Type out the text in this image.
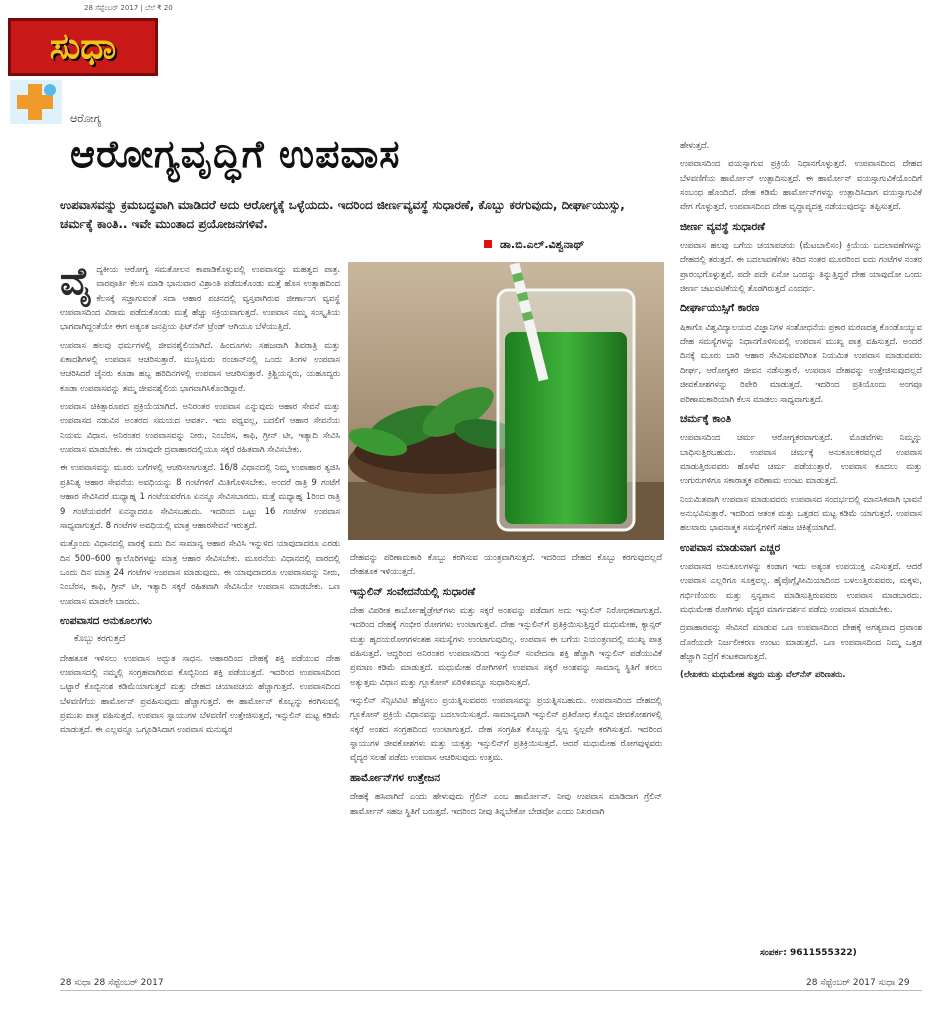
ಸುಧಾ
28 ಸೆಪ್ಟೆಂಬರ್ 2017 | ಬೆಲೆ ₹ 20
ಆರೋಗ್ಯ
ಆರೋಗ್ಯವೃದ್ಧಿಗೆ ಉಪವಾಸ
ಉಪವಾಸವನ್ನು ಕ್ರಮಬದ್ಧವಾಗಿ ಮಾಡಿದರೆ ಅದು ಆರೋಗ್ಯಕ್ಕೆ ಒಳ್ಳೆಯದು. ಇದರಿಂದ ಜೀರ್ಣವ್ಯವಸ್ಥೆ ಸುಧಾರಣೆ, ಕೊಬ್ಬು ಕರಗುವುದು, ದೀರ್ಘಾಯುಸ್ಸು, ಚರ್ಮಕ್ಕೆ ಕಾಂತಿ.. ಇವೇ ಮುಂತಾದ ಪ್ರಯೋಜನಗಳಿವೆ.
ಡಾ.ಬಿ.ಎಲ್.ವಿಶ್ವನಾಥ್

ವೈದ್ಯಕೀಯ ಆರೋಗ್ಯ ಸಮತೋಲನ ಕಾಪಾಡಿಕೊಳ್ಳುವಲ್ಲಿ ಉಪವಾಸದ್ದು ಮಹತ್ವದ ಪಾತ್ರ. ವಾರಪೂರ್ತಿ ಕೆಲಸ ಮಾಡಿ ಭಾನುವಾರ ವಿಶ್ರಾಂತಿ ಪಡೆದುಕೊಂಡು ಮತ್ತೆ ಹೊಸ ಉತ್ಸಾಹದಿಂದ ಕೆಲಸಕ್ಕೆ ಸಜ್ಜಾಗುವಂತೆ ಸದಾ ಆಹಾರ ಪಚನದಲ್ಲಿ ವ್ಯಸ್ತವಾಗಿರುವ ಜೀರ್ಣಾಂಗ ವ್ಯವಸ್ಥೆ ಉಪವಾಸದಿಂದ ವಿರಾಮ ಪಡೆದುಕೊಂಡು ಮತ್ತೆ ಹೆಚ್ಚು ಸಕ್ರಿಯವಾಗುತ್ತದೆ. ಉಪವಾಸ ನಮ್ಮ ಸಂಸ್ಕೃತಿಯ ಭಾಗವಾಗಿದ್ದಂತೆಯೇ ಈಗ ಅತ್ಯಂತ ಜನಪ್ರಿಯ ಫಿಟ್‌ನೆಸ್ ಟ್ರೆಂಡ್ ಆಗಿಯೂ ಬೆಳೆಯುತ್ತಿದೆ.

ಉಪವಾಸ ಹಲವು ಧರ್ಮಗಳಲ್ಲಿ ಜೀವನಶೈಲಿಯಾಗಿದೆ. ಹಿಂದೂಗಳು ಸಹಜವಾಗಿ ಶಿವರಾತ್ರಿ ಮತ್ತು ಏಕಾದಶಿಗಳಲ್ಲಿ ಉಪವಾಸ ಆಚರಿಸುತ್ತಾರೆ. ಮುಸ್ಲಿಮರು ರಂಜಾನ್‌ನಲ್ಲಿ ಒಂದು ತಿಂಗಳ ಉಪವಾಸ ಆಚರಿಸಿದರೆ ಜೈನರು ಕೂಡಾ ಹಬ್ಬ ಹರಿದಿನಗಳಲ್ಲಿ ಉಪವಾಸ ಆಚರಿಸುತ್ತಾರೆ. ಕ್ರಿಶ್ಚಿಯನ್ನರು, ಯಹೂದ್ಯರು ಕೂಡಾ ಉಪವಾಸವನ್ನು ತಮ್ಮ ಜೀವನಶೈಲಿಯ ಭಾಗವಾಗಿಸಿಕೊಂಡಿದ್ದಾರೆ.

ಉಪವಾಸ ಚಿಕಿತ್ಸಾರೂಪದ ಪ್ರಕ್ರಿಯೆಯಾಗಿದೆ. ಅನಿರಂತರ ಉಪವಾಸ ಎನ್ನುವುದು ಆಹಾರ ಸೇವನೆ ಮತ್ತು ಉಪವಾಸದ ನಡುವಿನ ಅಂತರದ ಸಮಯದ ಆವರ್ತ. ಇದು ಪಥ್ಯವಲ್ಲ, ಬದಲಿಗೆ ಆಹಾರ ಸೇವನೆಯ ನಿಯಮ ವಿಧಾನ. ಅನಿರಂತರ ಉಪವಾಸವನ್ನು ನೀರು, ನಿಂಬೆರಸ, ಕಾಫಿ, ಗ್ರೀನ್ ಟೀ, ಇತ್ಯಾದಿ ಸೇವಿಸಿ ಉಪವಾಸ ಮಾಡಬೇಕು. ಈ ಯಾವುದೇ ದ್ರವಾಹಾರದಲ್ಲಿಯೂ ಸಕ್ಕರೆ ರಹಿತವಾಗಿ ಸೇವಿಸಬೇಕು.

ಈ ಉಪವಾಸವನ್ನು ಮೂರು ಬಗೆಗಳಲ್ಲಿ ಆಚರಿಸಲಾಗುತ್ತದೆ. 16/8 ವಿಧಾನದಲ್ಲಿ ನಿಮ್ಮ ಉಪಾಹಾರ ತ್ಯಜಿಸಿ ಪ್ರತಿನಿತ್ಯ ಆಹಾರ ಸೇವನೆಯ ಅವಧಿಯನ್ನು 8 ಗಂಟೆಗಳಿಗೆ ಮಿತಿಗೊಳಿಸಬೇಕು. ಅಂದರೆ ರಾತ್ರಿ 9 ಗಂಟೆಗೆ ಆಹಾರ ಸೇವಿಸಿದರೆ ಮಧ್ಯಾಹ್ನ 1 ಗಂಟೆಯವರೆಗೂ ಏನನ್ನೂ ಸೇವಿಸಬಾರದು. ಮತ್ತೆ ಮಧ್ಯಾಹ್ನ 1ರಿಂದ ರಾತ್ರಿ 9 ಗಂಟೆಯವರೆಗೆ ಏನನ್ನಾದರೂ ಸೇವಿಸಬಹುದು. ಇದರಿಂದ ಒಟ್ಟು 16 ಗಂಟೆಗಳ ಉಪವಾಸ ಸಾಧ್ಯವಾಗುತ್ತದೆ. 8 ಗಂಟೆಗಳ ಅವಧಿಯಲ್ಲಿ ಮಾತ್ರ ಆಹಾರಸೇವನೆ ಇರುತ್ತದೆ.

ಮತ್ತೊಂದು ವಿಧಾನದಲ್ಲಿ ವಾರಕ್ಕೆ ಐದು ದಿನ ಸಾಮಾನ್ಯ ಆಹಾರ ಸೇವಿಸಿ ಇನ್ನುಳಿದ ಯಾವುದಾದರೂ ಎರಡು ದಿನ 500–600 ಕ್ಯಾಲೊರಿಗಳಷ್ಟು ಮಾತ್ರ ಆಹಾರ ಸೇವಿಸಬೇಕು. ಮೂರನೆಯ ವಿಧಾನದಲ್ಲಿ ವಾರದಲ್ಲಿ ಒಂದು ದಿನ ಮಾತ್ರ 24 ಗಂಟೆಗಳ ಉಪವಾಸ ಮಾಡುವುದು. ಈ ಯಾವುದಾದರೂ ಉಪವಾಸವನ್ನು ನೀರು, ನಿಂಬೆರಸ, ಕಾಫಿ, ಗ್ರೀನ್ ಟೀ, ಇತ್ಯಾದಿ ಸಕ್ಕರೆ ರಹಿತವಾಗಿ ಸೇವಿಸಿಯೇ ಉಪವಾಸ ಮಾಡಬೇಕು. ಒಣ ಉಪವಾಸ ಮಾಡಲೇ ಬಾರದು.

ಉಪವಾಸದ ಅನುಕೂಲಗಳು

ಕೊಬ್ಬು ಕರಗುತ್ತದೆ

ದೇಹತೂಕ ಇಳಿಸಲು ಉಪವಾಸ ಅದ್ಭುತ ಸಾಧನ. ಆಹಾರದಿಂದ ದೇಹಕ್ಕೆ ಶಕ್ತಿ ಪಡೆಯುವ ದೇಹ ಉಪವಾಸದಲ್ಲಿ ನಮ್ಮಲ್ಲಿ ಸಂಗ್ರಹವಾಗಿರುವ ಕೊಬ್ಬಿನಿಂದ ಶಕ್ತಿ ಪಡೆಯುತ್ತದೆ. ಇದರಿಂದ ಉಪವಾಸದಿಂದ ಒಟ್ಟಾರೆ ಕೊಬ್ಬಿನಂಶ ಕಡಿಮೆಯಾಗುತ್ತದೆ ಮತ್ತು ದೇಹದ ಚಯಾಪಚಯ ಹೆಚ್ಚಾಗುತ್ತದೆ. ಉಪವಾಸದಿಂದ ಬೆಳವಣಿಗೆಯ ಹಾರ್ಮೋನ್ ಪ್ರವಹಿಸುವುದು ಹೆಚ್ಚಾಗುತ್ತದೆ. ಈ ಹಾರ್ಮೋನ್ ಕೊಬ್ಬನ್ನು ಕರಗಿಸುವಲ್ಲಿ ಪ್ರಮುಖ ಪಾತ್ರ ವಹಿಸುತ್ತದೆ. ಉಪವಾಸ ಸ್ನಾಯುಗಳ ಬೆಳವಣಿಗೆ ಉತ್ತೇಜಿಸುತ್ತದೆ, ಇನ್ಸುಲಿನ್ ಮಟ್ಟ ಕಡಿಮೆ ಮಾಡುತ್ತದೆ. ಈ ಎಲ್ಲವನ್ನೂ ಒಗ್ಗೂಡಿಸಿದಾಗ ಉಪವಾಸ ಮನುಷ್ಯರ

ದೇಹವನ್ನು ಪರಿಣಾಮಕಾರಿ ಕೊಬ್ಬು ಕರಗಿಸುವ ಯಂತ್ರವಾಗಿಸುತ್ತದೆ. ಇದರಿಂದ ದೇಹದ ಕೊಬ್ಬು ಕರಗುವುದಲ್ಲದೆ ದೇಹತೂಕ ಇಳಿಯುತ್ತದೆ.

ಇನ್ಸುಲಿನ್ ಸಂವೇದನೆಯಲ್ಲಿ ಸುಧಾರಣೆ

ದೇಹ ವಿಪರೀತ ಕಾರ್ಬೋಹೈಡ್ರೇಟ್‌ಗಳು ಮತ್ತು ಸಕ್ಕರೆ ಅಂಶವನ್ನು ಪಡೆದಾಗ ಅದು ಇನ್ಸುಲಿನ್ ನಿರೋಧಕವಾಗುತ್ತದೆ. ಇದರಿಂದ ದೇಹಕ್ಕೆ ಗಂಭೀರ ರೋಗಗಳು ಉಂಟಾಗುತ್ತವೆ. ದೇಹ ಇನ್ಸುಲಿನ್‌ಗೆ ಪ್ರತಿಕ್ರಿಯಿಸುತ್ತಿದ್ದರೆ ಮಧುಮೇಹ, ಕ್ಯಾನ್ಸರ್ ಮತ್ತು ಹೃದಯರೋಗಗಳಂತಹ ಸಮಸ್ಯೆಗಳು ಉಂಟಾಗುವುದಿಲ್ಲ. ಉಪವಾಸ ಈ ಬಗೆಯ ನಿಯಂತ್ರಣದಲ್ಲಿ ಮುಖ್ಯ ಪಾತ್ರ ವಹಿಸುತ್ತದೆ. ಆದ್ದರಿಂದ ಅನಿರಂತರ ಉಪವಾಸದಿಂದ ಇನ್ಸುಲಿನ್ ಸಂವೇದನಾ ಶಕ್ತಿ ಹೆಚ್ಚಾಗಿ ಇನ್ಸುಲಿನ್ ಪಡೆಯುವಿಕೆ ಪ್ರಮಾಣ ಕಡಿಮೆ ಮಾಡುತ್ತದೆ. ಮಧುಮೇಹ ರೋಗಿಗಳಿಗೆ ಉಪವಾಸ ಸಕ್ಕರೆ ಅಂಶವನ್ನು ಸಾಮಾನ್ಯ ಸ್ಥಿತಿಗೆ ತರಲು ಅತ್ಯುತ್ತಮ ವಿಧಾನ ಮತ್ತು ಗ್ಲೂಕೋಸ್ ಏರಿಳಿತವನ್ನೂ ಸುಧಾರಿಸುತ್ತದೆ.

ಇನ್ಸುಲಿನ್ ಸೆನ್ಸಿಟಿವಿಟಿ ಹೆಚ್ಚಿಸಲು ಪ್ರಯತ್ನಿಸುವವರು ಉಪವಾಸವನ್ನು ಪ್ರಯತ್ನಿಸಬಹುದು. ಉಪವಾಸದಿಂದ ದೇಹದಲ್ಲಿ ಗ್ಲೂಕೋಸ್ ಪ್ರಕ್ರಿಯೆ ವಿಧಾನವನ್ನು ಬದಲಾಯಿಸುತ್ತದೆ. ಸಾಮಾನ್ಯವಾಗಿ ಇನ್ಸುಲಿನ್ ಪ್ರತಿರೋಧ ಕೊಬ್ಬಿನ ಜೀವಕೋಶಗಳಲ್ಲಿ ಸಕ್ಕರೆ ಅಂಶದ ಸಂಗ್ರಹದಿಂದ ಉಂಟಾಗುತ್ತದೆ. ದೇಹ ಸಂಗ್ರಹಿತ ಕೊಬ್ಬನ್ನು ಸ್ವಲ್ಪ ಸ್ವಲ್ಪವೇ ಕರಗಿಸುತ್ತದೆ. ಇದರಿಂದ ಸ್ನಾಯುಗಳ ಜೀವಕೋಶಗಳು ಮತ್ತು ಯಕೃತ್ತು ಇನ್ಸುಲಿನ್‌ಗೆ ಪ್ರತಿಕ್ರಿಯಿಸುತ್ತದೆ. ಆದರೆ ಮಧುಮೇಹ ರೋಗವುಳ್ಳವರು ವೈದ್ಯರ ಸಲಹೆ ಪಡೆದು ಉಪವಾಸ ಆಚರಿಸುವುದು ಉತ್ತಮ.

ಹಾರ್ಮೋನ್‌ಗಳ ಉತ್ತೇಜನ

ದೇಹಕ್ಕೆ ಹಸಿವಾಗಿದೆ ಎಂದು ಹೇಳುವುದು ಗ್ರೆಲಿನ್ ಎಂಬ ಹಾರ್ಮೋನ್. ನೀವು ಉಪವಾಸ ಮಾಡಿದಾಗ ಗ್ರೆಲಿನ್ ಹಾರ್ಮೋನ್ ಸಹಜ ಸ್ಥಿತಿಗೆ ಬರುತ್ತದೆ. ಇದರಿಂದ ನೀವು ತಿನ್ನಬೇಕೋ ಬೇಡವೋ ಎಂದು ನಿಖರವಾಗಿ

ಹೇಳುತ್ತದೆ.

ಉಪವಾಸದಿಂದ ವಯಸ್ಸಾಗುವ ಪ್ರಕ್ರಿಯೆ ನಿಧಾನಗೊಳ್ಳುತ್ತದೆ. ಉಪವಾಸದಿಂದ ದೇಹದ ಬೆಳವಣಿಗೆಯ ಹಾರ್ಮೋನ್ ಉತ್ಪಾದಿಸುತ್ತದೆ. ಈ ಹಾರ್ಮೋನ್ ವಯಸ್ಸಾಗುವಿಕೆಯೊಂದಿಗೆ ಸಂಬಂಧ ಹೊಂದಿದೆ. ದೇಹ ಕಡಿಮೆ ಹಾರ್ಮೋನ್‌ಗಳನ್ನು ಉತ್ಪಾದಿಸಿದಾಗ ವಯಸ್ಸಾಗುವಿಕೆ ವೇಗ ಗೊಳ್ಳುತ್ತದೆ. ಉಪವಾಸದಿಂದ ದೇಹ ವೃದ್ಧಾಪ್ಯದತ್ತ ನಡೆಯುವುದನ್ನು ತಪ್ಪಿಸುತ್ತದೆ.

ಜೀರ್ಣ ವ್ಯವಸ್ಥೆ ಸುಧಾರಣೆ

ಉಪವಾಸ ಹಲವು ಬಗೆಯ ಚಯಾಪಚಯ (ಮೆಟಬಾಲಿಸಂ) ಕ್ರಿಯೆಯ ಬದಲಾವಣೆಗಳನ್ನು ದೇಹದಲ್ಲಿ ತರುತ್ತದೆ. ಈ ಬದಲಾವಣೆಗಳು ಕಿರಿದ ನಂತರ ಮೂರರಿಂದ ಐದು ಗಂಟೆಗಳ ನಂತರ ಪ್ರಾರಂಭಗೊಳ್ಳುತ್ತವೆ. ಪದೇ ಪದೇ ಏನೋ ಒಂದನ್ನು ತಿನ್ನುತ್ತಿದ್ದರೆ ದೇಹ ಯಾವುದೋ ಒಂದು ಜೀರ್ಣ ಚಟುವಟಿಕೆಯಲ್ಲಿ ತೊಡಗಿರುತ್ತದೆ ಎಂದರ್ಥ.

ದೀರ್ಘಾಯುಸ್ಸಿಗೆ ಕಾರಣ

ಷಿಕಾಗೊ ವಿಶ್ವವಿದ್ಯಾಲಯದ ವಿಜ್ಞಾನಿಗಳ ಸಂಶೋಧನೆಯ ಪ್ರಕಾರ ಮರಣದತ್ತ ಕೊಂಡೊಯ್ಯುವ ದೇಹ ಸಮಸ್ಯೆಗಳನ್ನು ನಿಧಾನಗೊಳಿಸುವಲ್ಲಿ ಉಪವಾಸ ಮುಖ್ಯ ಪಾತ್ರ ವಹಿಸುತ್ತದೆ. ಅಂದರೆ ದಿನಕ್ಕೆ ಮೂರು ಬಾರಿ ಆಹಾರ ಸೇವಿಸುವವರಿಗಿಂತ ನಿಯಮಿತ ಉಪವಾಸ ಮಾಡುವವರು ದೀರ್ಘ, ಆರೋಗ್ಯಕರ ಜೀವನ ನಡೆಸುತ್ತಾರೆ. ಉಪವಾಸ ದೇಹವನ್ನು ಉತ್ತೇಜಿಸುವುದಲ್ಲದೆ ಜೀವಕೋಶಗಳನ್ನು ರಿಪೇರಿ ಮಾಡುತ್ತದೆ. ಇದರಿಂದ ಪ್ರತಿಯೊಂದು ಅಂಗವೂ ಪರಿಣಾಮಕಾರಿಯಾಗಿ ಕೆಲಸ ಮಾಡಲು ಸಾಧ್ಯವಾಗುತ್ತದೆ.

ಚರ್ಮಕ್ಕೆ ಕಾಂತಿ

ಉಪವಾಸದಿಂದ ಚರ್ಮ ಆರೋಗ್ಯಕರವಾಗುತ್ತದೆ. ಮೊಡವೆಗಳು ನಿಮ್ಮನ್ನು ಬಾಧಿಸುತ್ತಿರಬಹುದು. ಉಪವಾಸ ಚರ್ಮಕ್ಕೆ ಅನುಕೂಲಕರವಲ್ಲದೆ ಉಪವಾಸ ಮಾಡುತ್ತಿರುವವರು ಹೊಳೆವ ಚರ್ಮ ಪಡೆಯುತ್ತಾರೆ. ಉಪವಾಸ ಕೂದಲು ಮತ್ತು ಉಗುರುಗಳಿಗೂ ಸಕಾರಾತ್ಮಕ ಪರಿಣಾಮ ಉಂಟು ಮಾಡುತ್ತದೆ.

ನಿಯಮಿತವಾಗಿ ಉಪವಾಸ ಮಾಡುವವರು ಉಪವಾಸದ ಸಂದರ್ಭದಲ್ಲಿ ಮಾನಸಿಕವಾಗಿ ಭಾವನೆ ಅನುಭವಿಸುತ್ತಾರೆ. ಇದರಿಂದ ಆತಂಕ ಮತ್ತು ಒತ್ತಡದ ಮಟ್ಟ ಕಡಿಮೆ ಯಾಗುತ್ತದೆ. ಉಪವಾಸ ಹಲವಾರು ಭಾವನಾತ್ಮಕ ಸಮಸ್ಯೆಗಳಿಗೆ ಸಹಜ ಚಿಕಿತ್ಸೆಯಾಗಿದೆ.

ಉಪವಾಸ ಮಾಡುವಾಗ ಎಚ್ಚರ

ಉಪವಾಸದ ಅನುಕೂಲಗಳನ್ನು ಕಂಡಾಗ ಇದು ಅತ್ಯಂತ ಉಪಯುಕ್ತ ಎನಿಸುತ್ತದೆ. ಆದರೆ ಉಪವಾಸ ಎಲ್ಲರಿಗೂ ಸೂಕ್ತವಲ್ಲ. ಹೈಪೊಗ್ಲೈಸೀಮಿಯಾದಿಂದ ಬಳಲುತ್ತಿರುವವರು, ಮಕ್ಕಳು, ಗರ್ಭಿಣಿಯರು ಮತ್ತು ಸ್ತನ್ಯಪಾನ ಮಾಡಿಸುತ್ತಿರುವವರು ಉಪವಾಸ ಮಾಡಬಾರದು. ಮಧುಮೇಹ ರೋಗಿಗಳು ವೈದ್ಯರ ಮಾರ್ಗದರ್ಶನ ಪಡೆದು ಉಪವಾಸ ಮಾಡಬೇಕು.

ದ್ರವಾಹಾರವನ್ನು ಸೇವಿಸದೆ ಮಾಡುವ ಒಣ ಉಪವಾಸದಿಂದ ದೇಹಕ್ಕೆ ಅಗತ್ಯವಾದ ದ್ರವಾಂಶ ದೊರೆಯದೇ ನಿರ್ಜಲೀಕರಣ ಉಂಟು ಮಾಡುತ್ತದೆ. ಒಣ ಉಪವಾಸದಿಂದ ನಿಮ್ಮ ಒತ್ತಡ ಹೆಚ್ಚಾಗಿ ನಿದ್ರೆಗೆ ಕಂಟಕವಾಗುತ್ತದೆ.

(ಲೇಖಕರು ಮಧುಮೇಹ ತಜ್ಞರು ಮತ್ತು ವೆಲ್‌ನೆಸ್ ಪರಿಣತರು.

ಸಂಪರ್ಕ: 9611555322)
28 ಸುಧಾ 28 ಸೆಪ್ಟೆಂಬರ್ 2017	28 ಸೆಪ್ಟೆಂಬರ್ 2017 ಸುಧಾ 29
